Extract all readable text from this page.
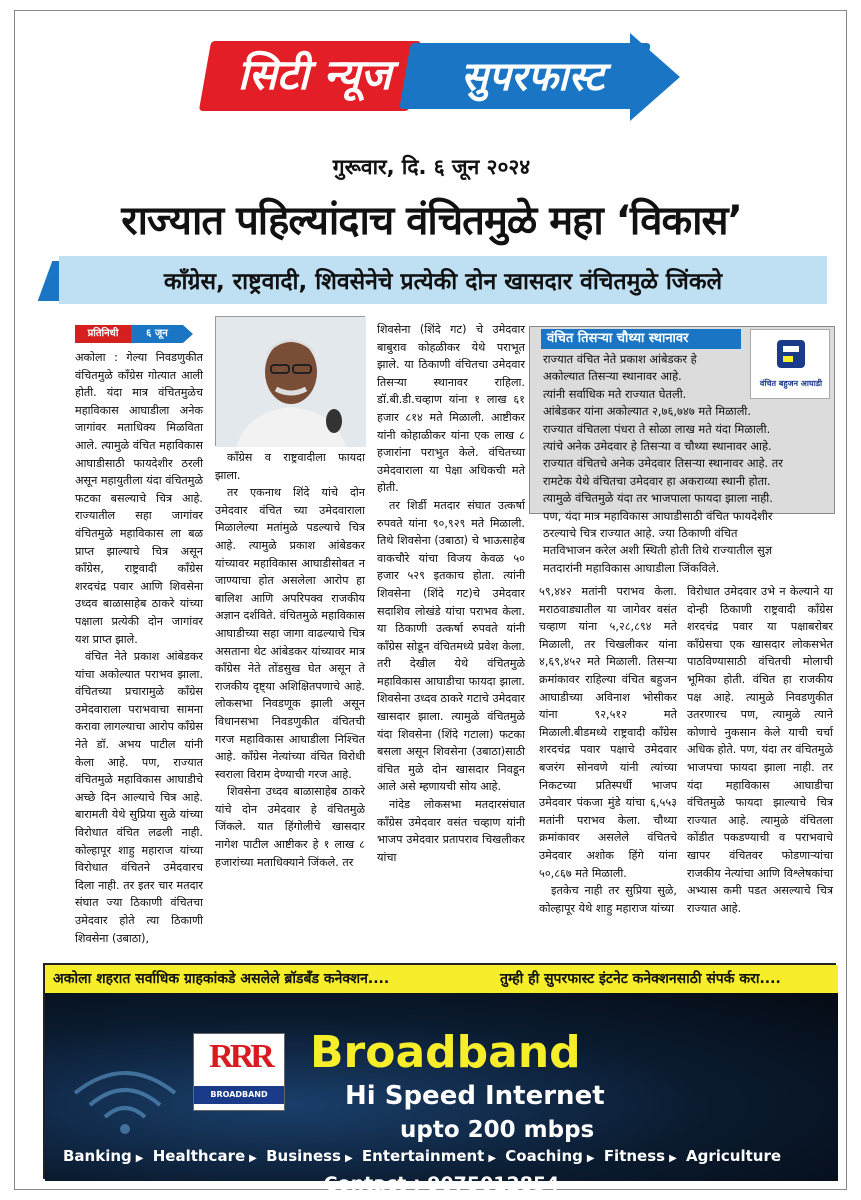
सिटी न्यूज	सुपरफास्ट
गुरूवार, दि. ६ जून २०२४
राज्यात पहिल्यांदाच वंचितमुळे महा ‘विकास’
काँग्रेस, राष्ट्रवादी, शिवसेनेचे प्रत्येकी दोन खासदार वंचितमुळे जिंकले
प्रतिनिधी	६ जून

अकोला : गेल्या निवडणुकीत वंचितमुळे काँग्रेस गोत्यात आली होती. यंदा मात्र वंचितमुळेच महाविकास आघाडीला अनेक जागांवर मताधिक्य मिळविता आले. त्यामुळे वंचित महाविकास आघाडीसाठी फायदेशीर ठरली असून महायुतीला यंदा वंचितमुळे फटका बसल्याचे चित्र आहे. राज्यातील सहा जागांवर वंचितमुळे महाविकास ला बळ प्राप्त झाल्याचे चित्र असून काँग्रेस, राष्ट्रवादी काँग्रेस शरदचंद्र पवार आणि शिवसेना उध्दव बाळासाहेब ठाकरे यांच्या पक्षाला प्रत्येकी दोन जागांवर यश प्राप्त झाले.

वंचित नेते प्रकाश आंबेडकर यांचा अकोल्यात पराभव झाला. वंचितच्या प्रचारामुळे काँग्रेस उमेदवाराला पराभवाचा सामना करावा लागल्याचा आरोप काँग्रेस नेते डॉ. अभय पाटील यांनी केला आहे. पण, राज्यात वंचितमुळे महाविकास आघाडीचे अच्छे दिन आल्याचे चित्र आहे. बारामती येथे सुप्रिया सुळे यांच्या विरोधात वंचित लढली नाही. कोल्हापूर शाहु महाराज यांच्या विरोधात वंचितने उमेदवारच दिला नाही. तर इतर चार मतदार संघात ज्या ठिकाणी वंचितचा उमेदवार होते त्या ठिकाणी शिवसेना (उबाठा),

काँग्रेस व राष्ट्रवादीला फायदा झाला.

तर एकनाथ शिंदे यांचे दोन उमेदवार वंचित च्या उमेदवाराला मिळालेल्या मतांमुळे पडल्याचे चित्र आहे. त्यामुळे प्रकाश आंबेडकर यांच्यावर महाविकास आघाडीसोबत न जाण्याचा होत असलेला आरोप हा बालिश आणि अपरिपक्व राजकीय अज्ञान दर्शविते. वंचितमुळे महाविकास आघाडीच्या सहा जागा वाढल्याचे चित्र असताना थेट आंबेडकर यांच्यावर मात्र काँग्रेस नेते तोंडसुख घेत असून ते राजकीय दृष्ट्या अशिक्षितपणाचे आहे. लोकसभा निवडणूक झाली असून विधानसभा निवडणुकीत वंचितची गरज महाविकास आघाडीला निश्चित आहे. काँग्रेस नेत्यांच्या वंचित विरोधी स्वराला विराम देण्याची गरज आहे.

शिवसेना उध्दव बाळासाहेब ठाकरे यांचे दोन उमेदवार हे वंचितमुळे जिंकले. यात हिंगोलीचे खासदार नागेश पाटील आष्टीकर हे १ लाख ८ हजारांच्या मताधिक्याने जिंकले. तर

शिवसेना (शिंदे गट) चे उमेदवार बाबुराव कोहळीकर येथे पराभूत झाले. या ठिकाणी वंचितचा उमेदवार तिसऱ्या स्थानावर राहिला. डॉ.बी.डी.चव्हाण यांना १ लाख ६१ हजार ८१४ मते मिळाली. आष्टीकर यांनी कोहाळीकर यांना एक लाख ८ हजारांना पराभुत केले. वंचितच्या उमेदवाराला या पेक्षा अधिकची मते होती.

तर शिर्डी मतदार संघात उत्कर्षा रुपवते यांना ९०,९२९ मते मिळाली. तिथे शिवसेना (उबाठा) चे भाऊसाहेब वाकचौरे यांचा विजय केवळ ५० हजार ५२९ इतकाच होता. त्यांनी शिवसेना (शिंदे गट)चे उमेदवार सदाशिव लोखंडे यांचा पराभव केला. या ठिकाणी उत्कर्षा रुपवते यांनी काँग्रेस सोडून वंचितमध्ये प्रवेश केला. तरी देखील येथे वंचितमुळे महाविकास आघाडीचा फायदा झाला. शिवसेना उध्दव ठाकरे गटाचे उमेदवार खासदार झाला. त्यामुळे वंचितमुळे यंदा शिवसेना (शिंदे गटाला) फटका बसला असून शिवसेना (उबाठा)साठी वंचित मुळे दोन खासदार निवडून आले असे म्हणायची सोय आहे.

नांदेड लोकसभा मतदारसंघात काँग्रेस उमेदवार वसंत चव्हाण यांनी भाजप उमेदवार प्रतापराव चिखलीकर यांचा

वंचित तिसऱ्या चौथ्या स्थानावर
वंचित बहुजन आघाडी
राज्यात वंचित नेते प्रकाश आंबेडकर हे
अकोल्यात तिसऱ्या स्थानावर आहे.
त्यांनी सर्वाधिक मते राज्यात घेतली.
आंबेडकर यांना अकोल्यात २,७६,७४७ मते मिळाली.
राज्यात वंचितला पंधरा ते सोळा लाख मते यंदा मिळाली.
त्यांचे अनेक उमेदवार हे तिसऱ्या व चौथ्या स्थानावर आहे.
राज्यात वंचितचे अनेक उमेदवार तिसऱ्या स्थानावर आहे. तर
रामटेक येथे वंचितचा उमेदवार हा अकराव्या स्थानी होता.
त्यामुळे वंचितमुळे यंदा तर भाजपाला फायदा झाला नाही.
पण, यंदा मात्र महाविकास आघाडीसाठी वंचित फायदेशीर
ठरल्याचे चित्र राज्यात आहे. ज्या ठिकाणी वंचित
मतविभाजन करेल अशी स्थिती होती तिथे राज्यातील सुज्ञ
मतदारांनी महाविकास आघाडीला जिंकविले.

५९,४४२ मतांनी पराभव केला. मराठवाड्यातील या जागेवर वसंत चव्हाण यांना ५,२८,८९४ मते मिळाली, तर चिखलीकर यांना ४,६९,४५२ मते मिळाली. तिसऱ्या क्रमांकावर राहिल्या वंचित बहुजन आघाडीच्या अविनाश भोसीकर यांना ९२,५१२ मते मिळाली.बीडमध्ये राष्ट्रवादी काँग्रेस शरदचंद्र पवार पक्षाचे उमेदवार बजरंग सोनवणे यांनी त्यांच्या निकटच्या प्रतिस्पर्धी भाजप उमेदवार पंकजा मुंडे यांचा ६,५५३ मतांनी पराभव केला. चौथ्या क्रमांकावर असलेले वंचितचे उमेदवार अशोक हिंगे यांना ५०,८६७ मते मिळाली.

इतकेच नाही तर सुप्रिया सुळे, कोल्हापूर येथे शाहु महाराज यांच्या

विरोधात उमेदवार उभे न केल्याने या दोन्ही ठिकाणी राष्ट्रवादी काँग्रेस शरदचंद्र पवार या पक्षाबरोबर काँग्रेसचा एक खासदार लोकसभेत पाठविण्यासाठी वंचितची मोलाची भूमिका होती. वंचित हा राजकीय पक्ष आहे. त्यामुळे निवडणुकीत उतरणारच पण, त्यामुळे त्याने कोणाचे नुकसान केले याची चर्चा अधिक होते. पण, यंदा तर वंचितमुळे भाजपचा फायदा झाला नाही. तर यंदा महाविकास आघाडीचा वंचितमुळे फायदा झाल्याचे चित्र राज्यात आहे. त्यामुळे वंचितला कोंडीत पकडण्याची व पराभवाचे खापर वंचितवर फोडणाऱ्यांचा राजकीय नेत्यांचा आणि विश्लेषकांचा अभ्यास कमी पडत असल्याचे चित्र राज्यात आहे.

अकोला शहरात सर्वाधिक ग्राहकांकडे असलेले ब्रॉडबँड कनेक्शन....	तुम्ही ही सुपरफास्ट इंटनेट कनेक्शनसाठी संपर्क करा....
RRR
BROADBAND
Broadband
Hi Speed Internet
upto 200 mbps
Banking ▶ Healthcare ▶ Business ▶ Entertainment ▶ Coaching ▶ Fitness ▶ Agriculture
Contact : 9075012854
